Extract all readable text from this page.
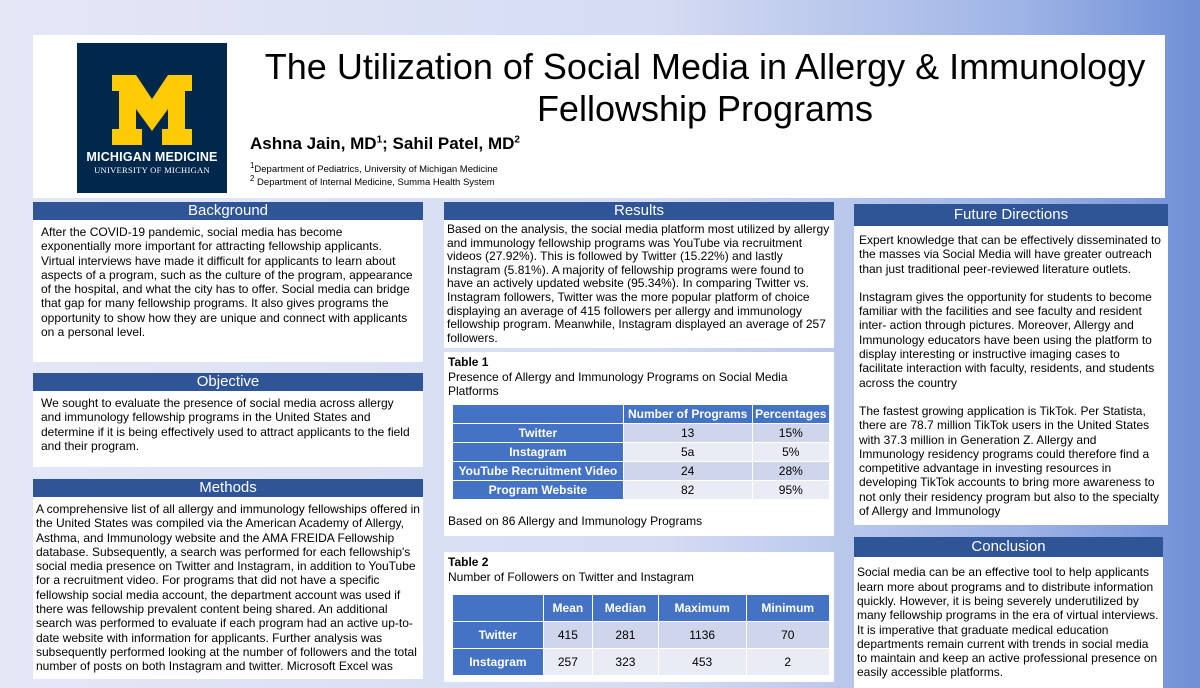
MICHIGAN MEDICINE
UNIVERSITY OF MICHIGAN
The Utilization of Social Media in Allergy & Immunology
Fellowship Programs
Ashna Jain, $MD^1$; Sahil Patel, $MD^2$
$^1$Department of Pediatrics, University of Michigan Medicine
$^2$ Department of Internal Medicine, Summa Health System
Background
After the COVID-19 pandemic, social media has become exponentially more important for attracting fellowship applicants. Virtual interviews have made it difficult for applicants to learn about aspects of a program, such as the culture of the program, appearance of the hospital, and what the city has to offer. Social media can bridge that gap for many fellowship programs. It also gives programs the opportunity to show how they are unique and connect with applicants on a personal level.
Objective
We sought to evaluate the presence of social media across allergy and immunology fellowship programs in the United States and determine if it is being effectively used to attract applicants to the field and their program.
Methods
A comprehensive list of all allergy and immunology fellowships offered in the United States was compiled via the American Academy of Allergy, Asthma, and Immunology website and the AMA FREIDA Fellowship database. Subsequently, a search was performed for each fellowship's social media presence on Twitter and Instagram, in addition to YouTube for a recruitment video. For programs that did not have a specific fellowship social media account, the department account was used if there was fellowship prevalent content being shared. An additional search was performed to evaluate if each program had an active up-to-date website with information for applicants. Further analysis was subsequently performed looking at the number of followers and the total number of posts on both Instagram and twitter. Microsoft Excel was
Results
Based on the analysis, the social media platform most utilized by allergy and immunology fellowship programs was YouTube via recruitment videos (27.92%). This is followed by Twitter (15.22%) and lastly Instagram (5.81%). A majority of fellowship programs were found to have an actively updated website (95.34%). In comparing Twitter vs. Instagram followers, Twitter was the more popular platform of choice displaying an average of 415 followers per allergy and immunology fellowship program. Meanwhile, Instagram displayed an average of 257 followers.
Table 1
Presence of Allergy and Immunology Programs on Social Media Platforms
	Number of Programs	Percentages
Twitter	13	15%
Instagram	5a	5%
YouTube Recruitment Video	24	28%
Program Website	82	95%
Based on 86 Allergy and Immunology Programs
Table 2
Number of Followers on Twitter and Instagram
	Mean	Median	Maximum	Minimum
Twitter	415	281	1136	70
Instagram	257	323	453	2
Future Directions

Expert knowledge that can be effectively disseminated to the masses via Social Media will have greater outreach than just traditional peer-reviewed literature outlets.

Instagram gives the opportunity for students to become familiar with the facilities and see faculty and resident inter- action through pictures. Moreover, Allergy and Immunology educators have been using the platform to display interesting or instructive imaging cases to facilitate interaction with faculty, residents, and students across the country

The fastest growing application is TikTok. Per Statista, there are 78.7 million TikTok users in the United States with 37.3 million in Generation Z. Allergy and Immunology residency programs could therefore find a competitive advantage in investing resources in developing TikTok accounts to bring more awareness to not only their residency program but also to the specialty of Allergy and Immunology

Conclusion
Social media can be an effective tool to help applicants learn more about programs and to distribute information quickly. However, it is being severely underutilized by many fellowship programs in the era of virtual interviews. It is imperative that graduate medical education departments remain current with trends in social media to maintain and keep an active professional presence on easily accessible platforms.
